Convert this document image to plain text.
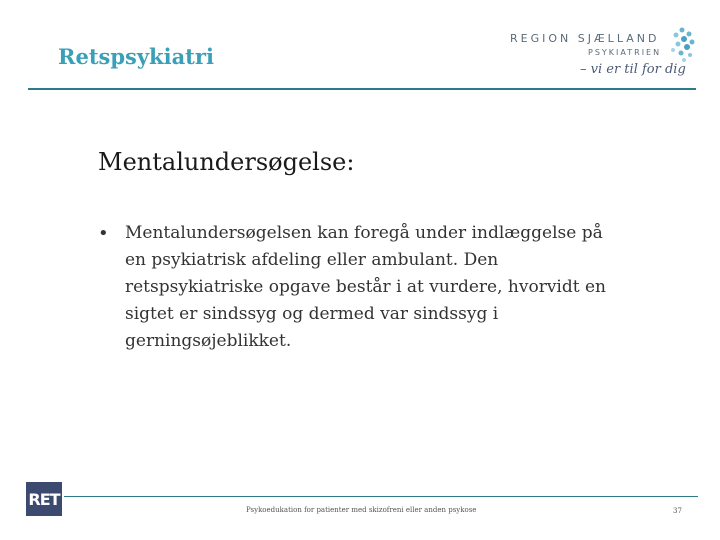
Retspsykiatri
REGION SJÆLLAND
PSYKIATRIEN
– vi er til for dig
Mentalundersøgelse:
• Mentalundersøgelsen kan foregå under indlæggelse på en psykiatrisk afdeling eller ambulant. Den retspsykiatriske opgave består i at vurdere, hvorvidt en sigtet er sindssyg og dermed var sindssyg i gerningsøjeblikket.
RET
Psykoedukation for patienter med skizofreni eller anden psykose	37
